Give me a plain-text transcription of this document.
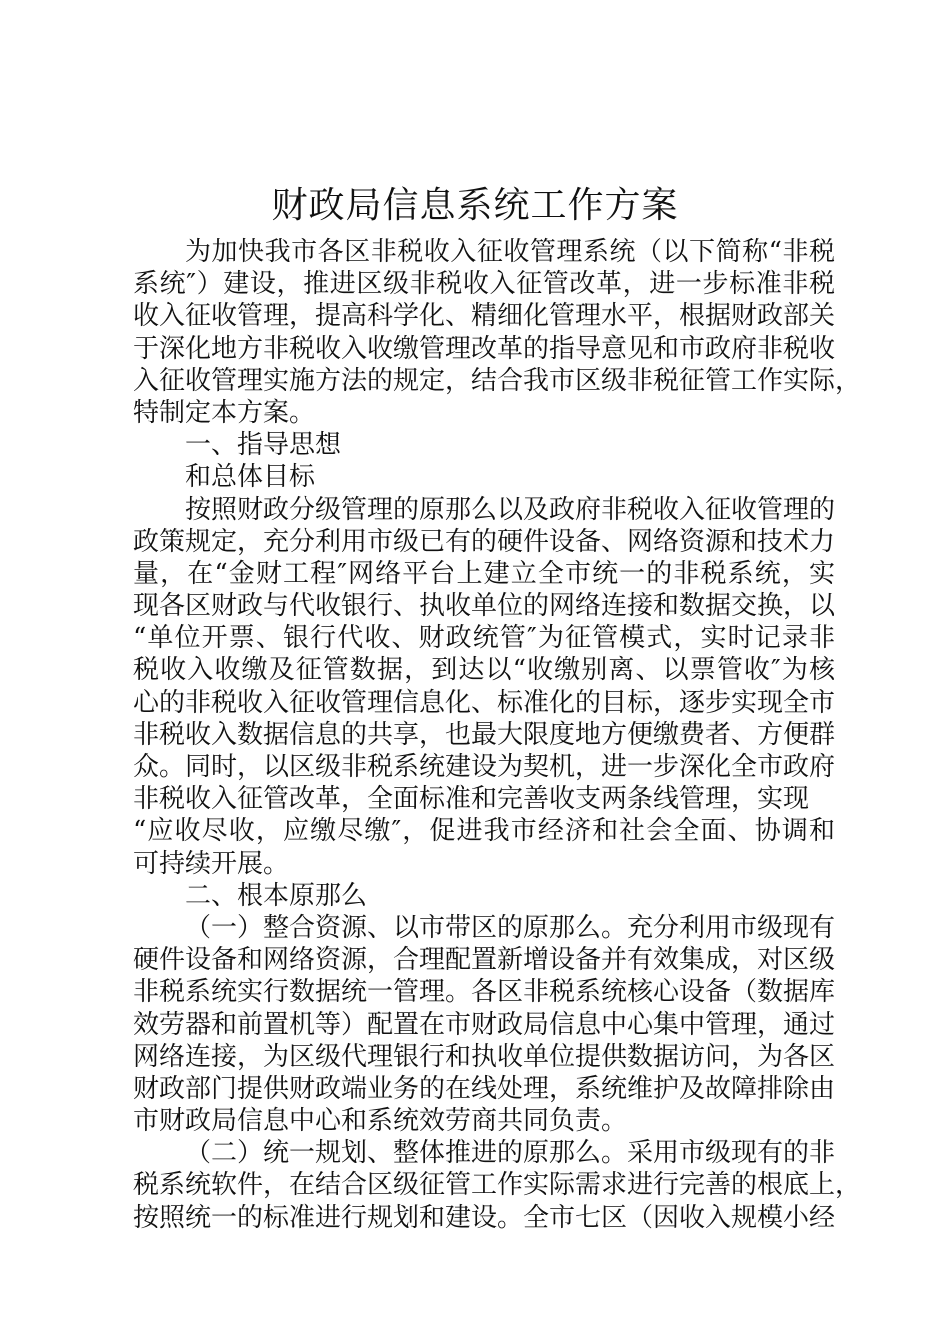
财政局信息系统工作方案
为加快我市各区非税收入征收管理系统（以下简称“非税
系统″）建设，推进区级非税收入征管改革，进一步标准非税
收入征收管理，提高科学化、精细化管理水平，根据财政部关
于深化地方非税收入收缴管理改革的指导意见和市政府非税收
入征收管理实施方法的规定，结合我市区级非税征管工作实际，
特制定本方案。
一、指导思想
和总体目标
按照财政分级管理的原那么以及政府非税收入征收管理的
政策规定，充分利用市级已有的硬件设备、网络资源和技术力
量，在“金财工程″网络平台上建立全市统一的非税系统，实
现各区财政与代收银行、执收单位的网络连接和数据交换，以
“单位开票、银行代收、财政统管″为征管模式，实时记录非
税收入收缴及征管数据，到达以“收缴别离、以票管收″为核
心的非税收入征收管理信息化、标准化的目标，逐步实现全市
非税收入数据信息的共享，也最大限度地方便缴费者、方便群
众。同时，以区级非税系统建设为契机，进一步深化全市政府
非税收入征管改革，全面标准和完善收支两条线管理，实现
“应收尽收，应缴尽缴″，促进我市经济和社会全面、协调和
可持续开展。
二、根本原那么
（一）整合资源、以市带区的原那么。充分利用市级现有
硬件设备和网络资源，合理配置新增设备并有效集成，对区级
非税系统实行数据统一管理。各区非税系统核心设备（数据库
效劳器和前置机等）配置在市财政局信息中心集中管理，通过
网络连接，为区级代理银行和执收单位提供数据访问，为各区
财政部门提供财政端业务的在线处理，系统维护及故障排除由
市财政局信息中心和系统效劳商共同负责。
（二）统一规划、整体推进的原那么。采用市级现有的非
税系统软件，在结合区级征管工作实际需求进行完善的根底上，
按照统一的标准进行规划和建设。全市七区（因收入规模小经
